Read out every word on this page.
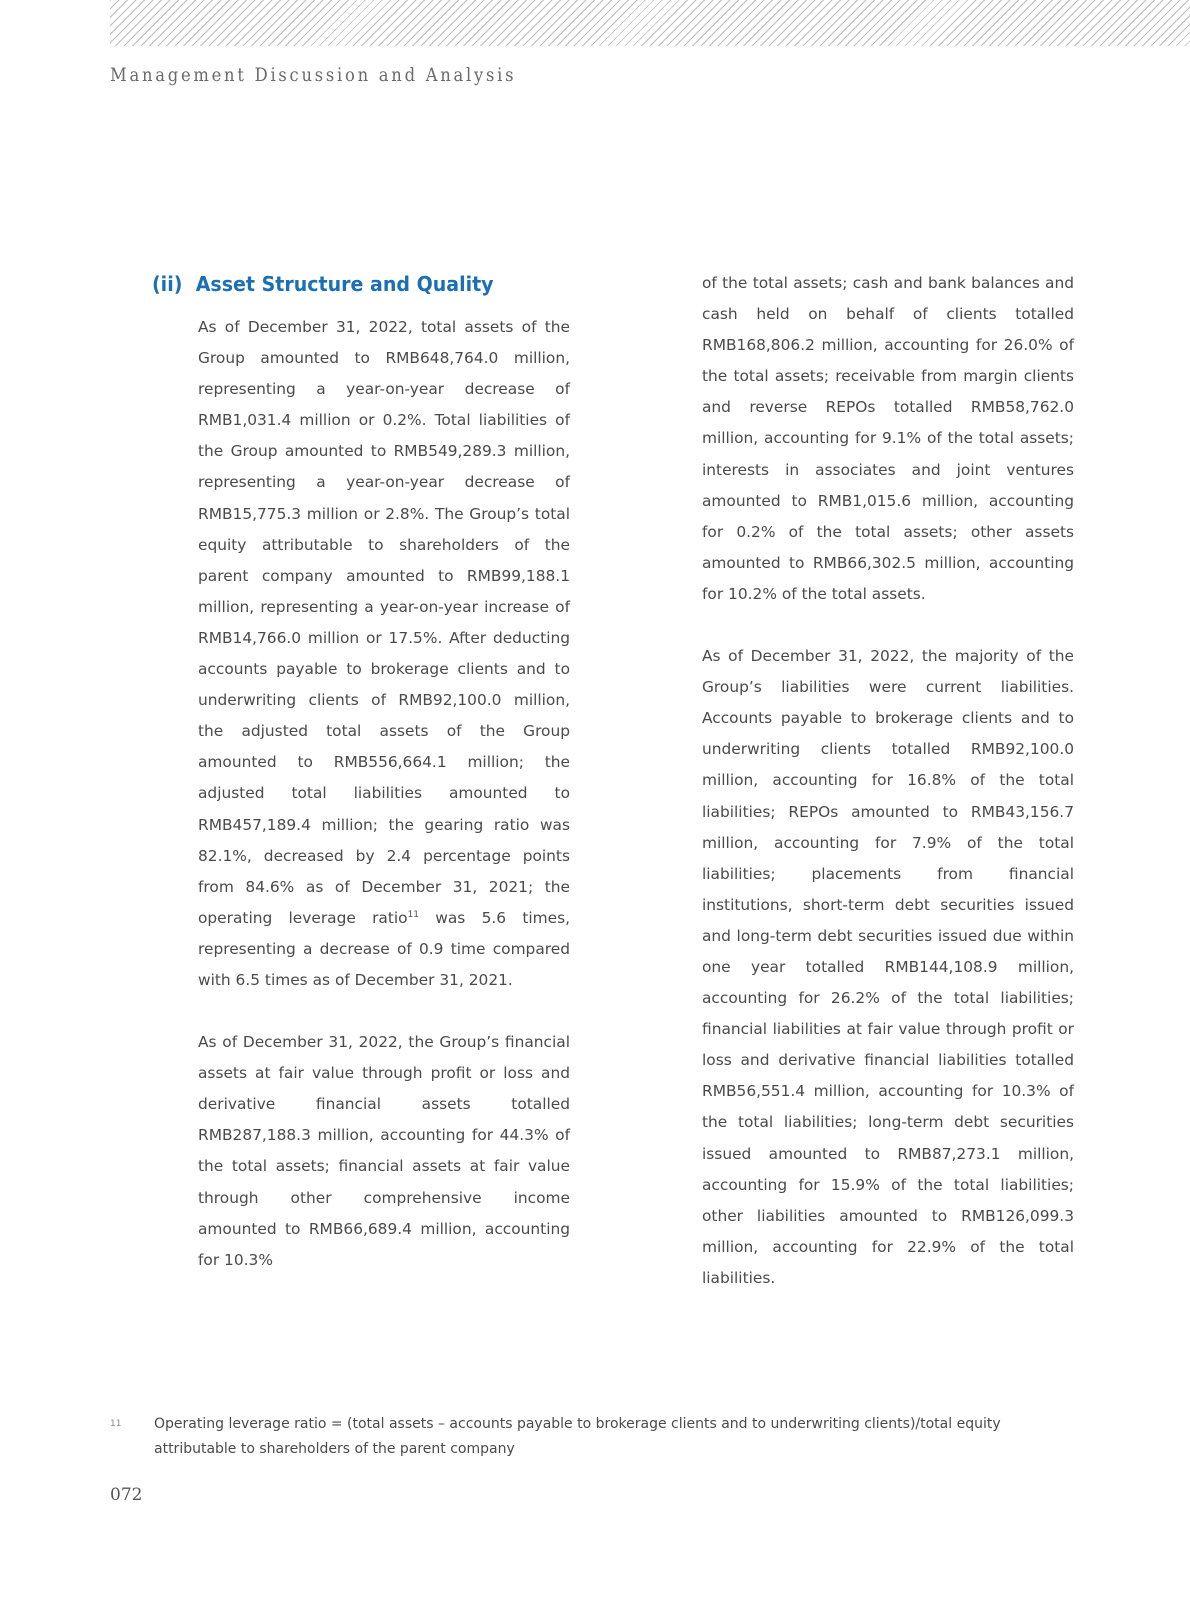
Management Discussion and Analysis
(ii) Asset Structure and Quality

As of December 31, 2022, total assets of the Group amounted to RMB648,764.0 million, representing a year-on-year decrease of RMB1,031.4 million or 0.2%. Total liabilities of the Group amounted to RMB549,289.3 million, representing a year-on-year decrease of RMB15,775.3 million or 2.8%. The Group’s total equity attributable to shareholders of the parent company amounted to RMB99,188.1 million, representing a year-on-year increase of RMB14,766.0 million or 17.5%. After deducting accounts payable to brokerage clients and to underwriting clients of RMB92,100.0 million, the adjusted total assets of the Group amounted to RMB556,664.1 million; the adjusted total liabilities amounted to RMB457,189.4 million; the gearing ratio was 82.1%, decreased by 2.4 percentage points from 84.6% as of December 31, 2021; the operating leverage ratio$^{11}$ was 5.6 times, representing a decrease of 0.9 time compared with 6.5 times as of December 31, 2021.

As of December 31, 2022, the Group’s financial assets at fair value through profit or loss and derivative financial assets totalled RMB287,188.3 million, accounting for 44.3% of the total assets; financial assets at fair value through other comprehensive income amounted to RMB66,689.4 million, accounting for 10.3%

of the total assets; cash and bank balances and cash held on behalf of clients totalled RMB168,806.2 million, accounting for 26.0% of the total assets; receivable from margin clients and reverse REPOs totalled RMB58,762.0 million, accounting for 9.1% of the total assets; interests in associates and joint ventures amounted to RMB1,015.6 million, accounting for 0.2% of the total assets; other assets amounted to RMB66,302.5 million, accounting for 10.2% of the total assets.

As of December 31, 2022, the majority of the Group’s liabilities were current liabilities. Accounts payable to brokerage clients and to underwriting clients totalled RMB92,100.0 million, accounting for 16.8% of the total liabilities; REPOs amounted to RMB43,156.7 million, accounting for 7.9% of the total liabilities; placements from financial institutions, short-term debt securities issued and long-term debt securities issued due within one year totalled RMB144,108.9 million, accounting for 26.2% of the total liabilities; financial liabilities at fair value through profit or loss and derivative financial liabilities totalled RMB56,551.4 million, accounting for 10.3% of the total liabilities; long-term debt securities issued amounted to RMB87,273.1 million, accounting for 15.9% of the total liabilities; other liabilities amounted to RMB126,099.3 million, accounting for 22.9% of the total liabilities.

11 Operating leverage ratio = (total assets – accounts payable to brokerage clients and to underwriting clients)/total equity attributable to shareholders of the parent company
072
